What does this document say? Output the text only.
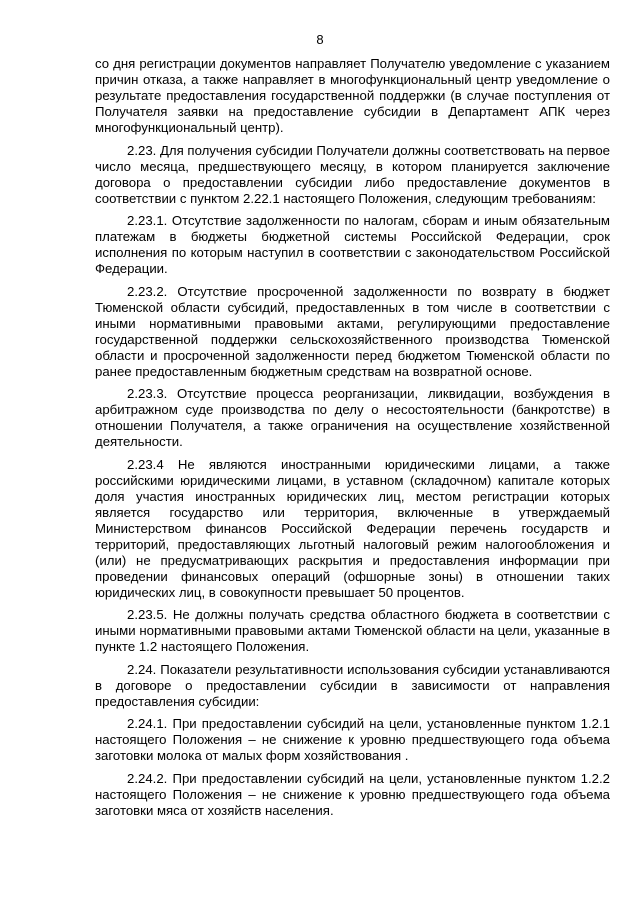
8

со дня регистрации документов направляет Получателю уведомление с указанием причин отказа, а также направляет в многофункциональный центр уведомление о результате предоставления государственной поддержки (в случае поступления от Получателя заявки на предоставление субсидии в Департамент АПК через многофункциональный центр).

2.23. Для получения субсидии Получатели должны соответствовать на первое число месяца, предшествующего месяцу, в котором планируется заключение договора о предоставлении субсидии либо предоставление документов в соответствии с пунктом 2.22.1 настоящего Положения, следующим требованиям:

2.23.1. Отсутствие задолженности по налогам, сборам и иным обязательным платежам в бюджеты бюджетной системы Российской Федерации, срок исполнения по которым наступил в соответствии с законодательством Российской Федерации.

2.23.2. Отсутствие просроченной задолженности по возврату в бюджет Тюменской области субсидий, предоставленных в том числе в соответствии с иными нормативными правовыми актами, регулирующими предоставление государственной поддержки сельскохозяйственного производства Тюменской области и просроченной задолженности перед бюджетом Тюменской области по ранее предоставленным бюджетным средствам на возвратной основе.

2.23.3. Отсутствие процесса реорганизации, ликвидации, возбуждения в арбитражном суде производства по делу о несостоятельности (банкротстве) в отношении Получателя, а также ограничения на осуществление хозяйственной деятельности.

2.23.4 Не являются иностранными юридическими лицами, а также российскими юридическими лицами, в уставном (складочном) капитале которых доля участия иностранных юридических лиц, местом регистрации которых является государство или территория, включенные в утверждаемый Министерством финансов Российской Федерации перечень государств и территорий, предоставляющих льготный налоговый режим налогообложения и (или) не предусматривающих раскрытия и предоставления информации при проведении финансовых операций (офшорные зоны) в отношении таких юридических лиц, в совокупности превышает 50 процентов.

2.23.5. Не должны получать средства областного бюджета в соответствии с иными нормативными правовыми актами Тюменской области на цели, указанные в пункте 1.2 настоящего Положения.

2.24. Показатели результативности использования субсидии устанавливаются в договоре о предоставлении субсидии в зависимости от направления предоставления субсидии:

2.24.1. При предоставлении субсидий на цели, установленные пунктом 1.2.1 настоящего Положения – не снижение к уровню предшествующего года объема заготовки молока от малых форм хозяйствования .

2.24.2. При предоставлении субсидий на цели, установленные пунктом 1.2.2 настоящего Положения – не снижение к уровню предшествующего года объема заготовки мяса от хозяйств населения.
